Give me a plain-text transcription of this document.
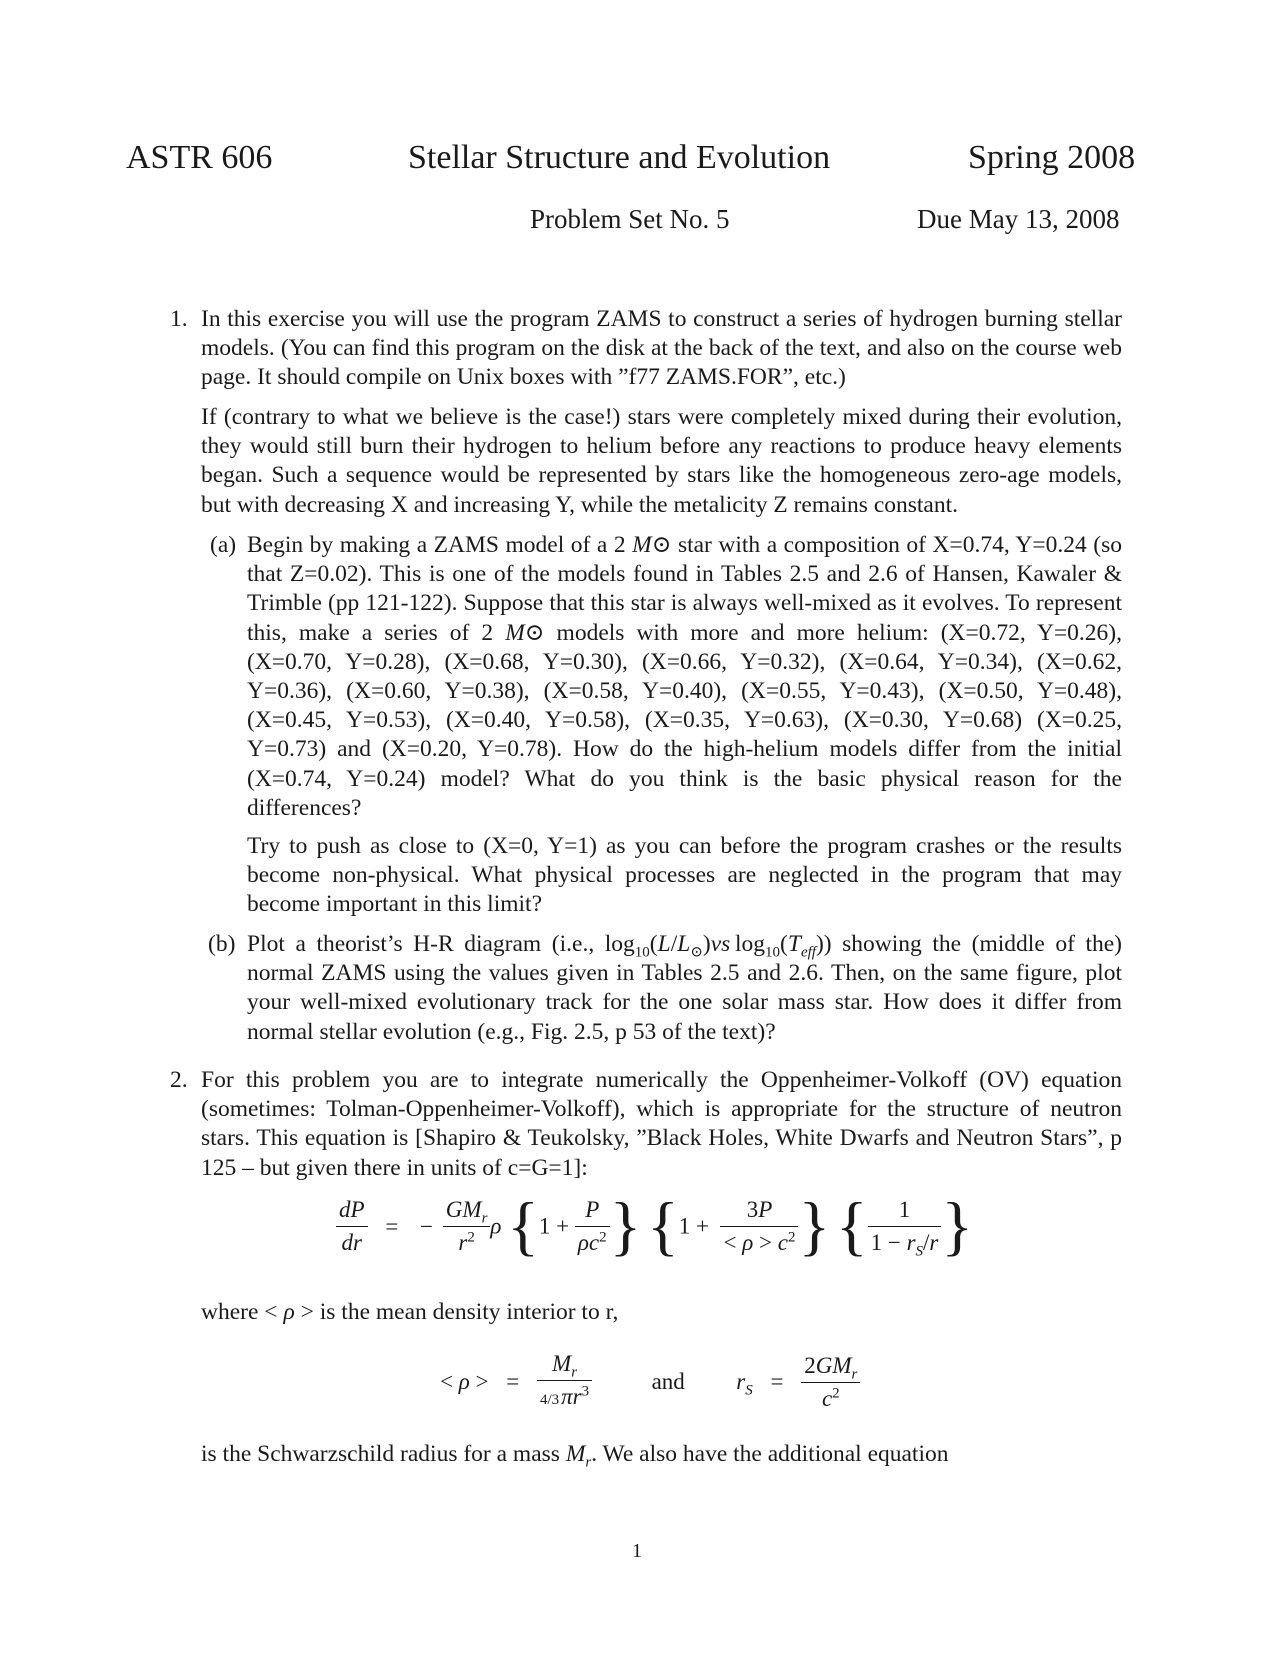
ASTR 606	Stellar Structure and Evolution	Spring 2008
Problem Set No. 5	Due May 13, 2008
1. In this exercise you will use the program ZAMS to construct a series of hydrogen burning stellar models. (You can find this program on the disk at the back of the text, and also on the course web page. It should compile on Unix boxes with ”f77 ZAMS.FOR”, etc.)
If (contrary to what we believe is the case!) stars were completely mixed during their evolution, they would still burn their hydrogen to helium before any reactions to produce heavy elements began. Such a sequence would be represented by stars like the homogeneous zero-age models, but with decreasing X and increasing Y, while the metalicity Z remains constant.
(a) Begin by making a ZAMS model of a 2 M⊙ star with a composition of X=0.74, Y=0.24 (so that Z=0.02). This is one of the models found in Tables 2.5 and 2.6 of Hansen, Kawaler & Trimble (pp 121-122). Suppose that this star is always well-mixed as it evolves. To represent this, make a series of 2 M⊙ models with more and more helium: (X=0.72, Y=0.26), (X=0.70, Y=0.28), (X=0.68, Y=0.30), (X=0.66, Y=0.32), (X=0.64, Y=0.34), (X=0.62, Y=0.36), (X=0.60, Y=0.38), (X=0.58, Y=0.40), (X=0.55, Y=0.43), (X=0.50, Y=0.48), (X=0.45, Y=0.53), (X=0.40, Y=0.58), (X=0.35, Y=0.63), (X=0.30, Y=0.68) (X=0.25, Y=0.73) and (X=0.20, Y=0.78). How do the high-helium models differ from the initial (X=0.74, Y=0.24) model? What do you think is the basic physical reason for the differences?
Try to push as close to (X=0, Y=1) as you can before the program crashes or the results become non-physical. What physical processes are neglected in the program that may become important in this limit?
(b) Plot a theorist’s H-R diagram (i.e., $\log_{10}(L/L_⊙)vs$ $\log_{10}(T_{eff})$) showing the (middle of the) normal ZAMS using the values given in Tables 2.5 and 2.6. Then, on the same figure, plot your well-mixed evolutionary track for the one solar mass star. How does it differ from normal stellar evolution (e.g., Fig. 2.5, p 53 of the text)?
2. For this problem you are to integrate numerically the Oppenheimer-Volkoff (OV) equation (sometimes: Tolman-Oppenheimer-Volkoff), which is appropriate for the structure of neutron stars. This equation is [Shapiro & Teukolsky, ”Black Holes, White Dwarfs and Neutron Stars”, p 125 – but given there in units of c=G=1]:
$\frac{dP}{dr}$ = −
$GM_r$
$r^2$ ρ {$1 + \frac{P}{\rho c^2}$ } {$1 + \frac{3P}{< \rho > c^2}$ } { $\frac{1}{1 - r_S/r}$ }
where < ρ > is the mean density interior to r,
< ρ > = $\frac{M_r}{4/3 \pi r^3}$	and $r_S$ =
$2GM_r$
$c^2$
is the Schwarzschild radius for a mass $M_r$. We also have the additional equation
1
